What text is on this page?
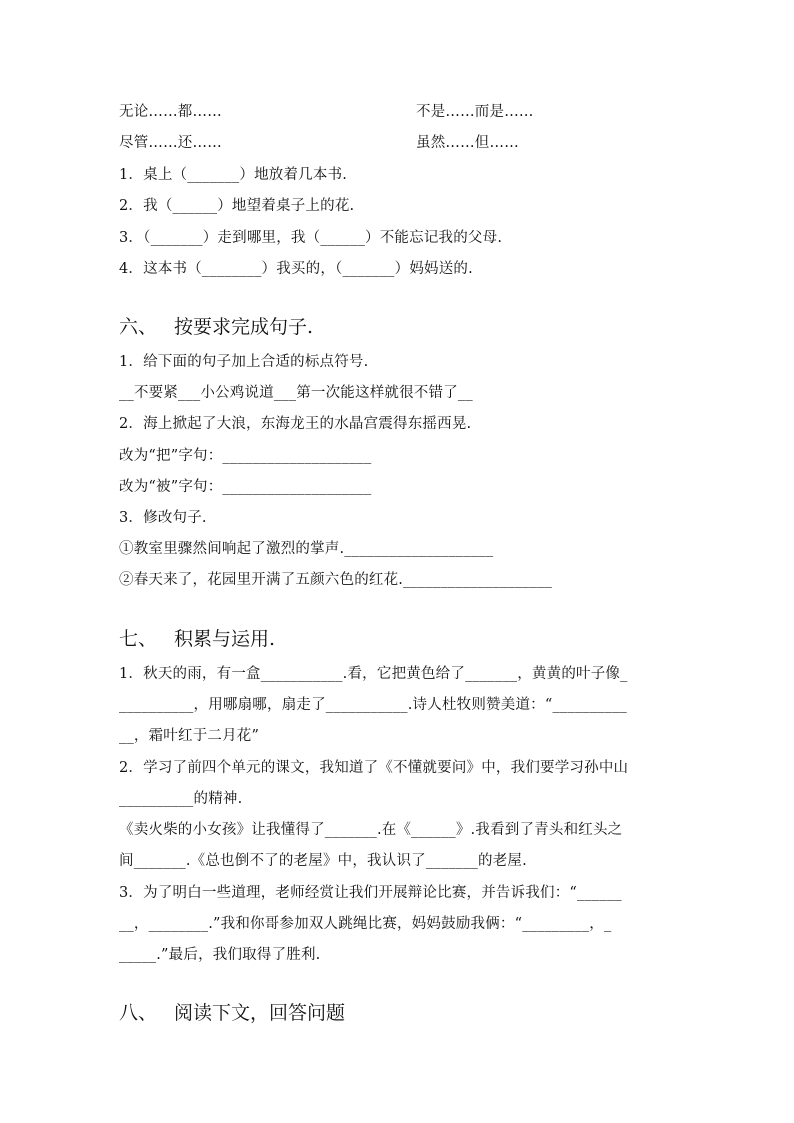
无论……都……	不是……而是……
尽管……还……	虽然……但……
1．桌上（_______）地放着几本书.
2．我（______）地望着桌子上的花.
3．（_______）走到哪里，我（______）不能忘记我的父母.
4．这本书（________）我买的，（_______）妈妈送的.
六、 按要求完成句子.
1．给下面的句子加上合适的标点符号.
__不要紧___小公鸡说道___第一次能这样就很不错了__
2．海上掀起了大浪，东海龙王的水晶宫震得东摇西晃.
改为“把”字句：____________________
改为“被”字句：____________________
3．修改句子.
①教室里骤然间响起了激烈的掌声.____________________
②春天来了，花园里开满了五颜六色的红花.____________________
七、 积累与运用.
1．秋天的雨，有一盒___________.看，它把黄色给了_______，黄黄的叶子像_
__________，用哪扇哪，扇走了___________.诗人杜牧则赞美道：“__________
__，霜叶红于二月花”
2．学习了前四个单元的课文，我知道了《不懂就要问》中，我们要学习孙中山
__________的精神.
《卖火柴的小女孩》让我懂得了_______.在《______》.我看到了青头和红头之
间_______.《总也倒不了的老屋》中，我认识了_______的老屋.
3．为了明白一些道理，老师经赏让我们开展辩论比赛，并告诉我们：“______
__，________.”我和你哥参加双人跳绳比赛，妈妈鼓励我俩：“_________，_
_____.”最后，我们取得了胜利.
八、 阅读下文，回答问题
